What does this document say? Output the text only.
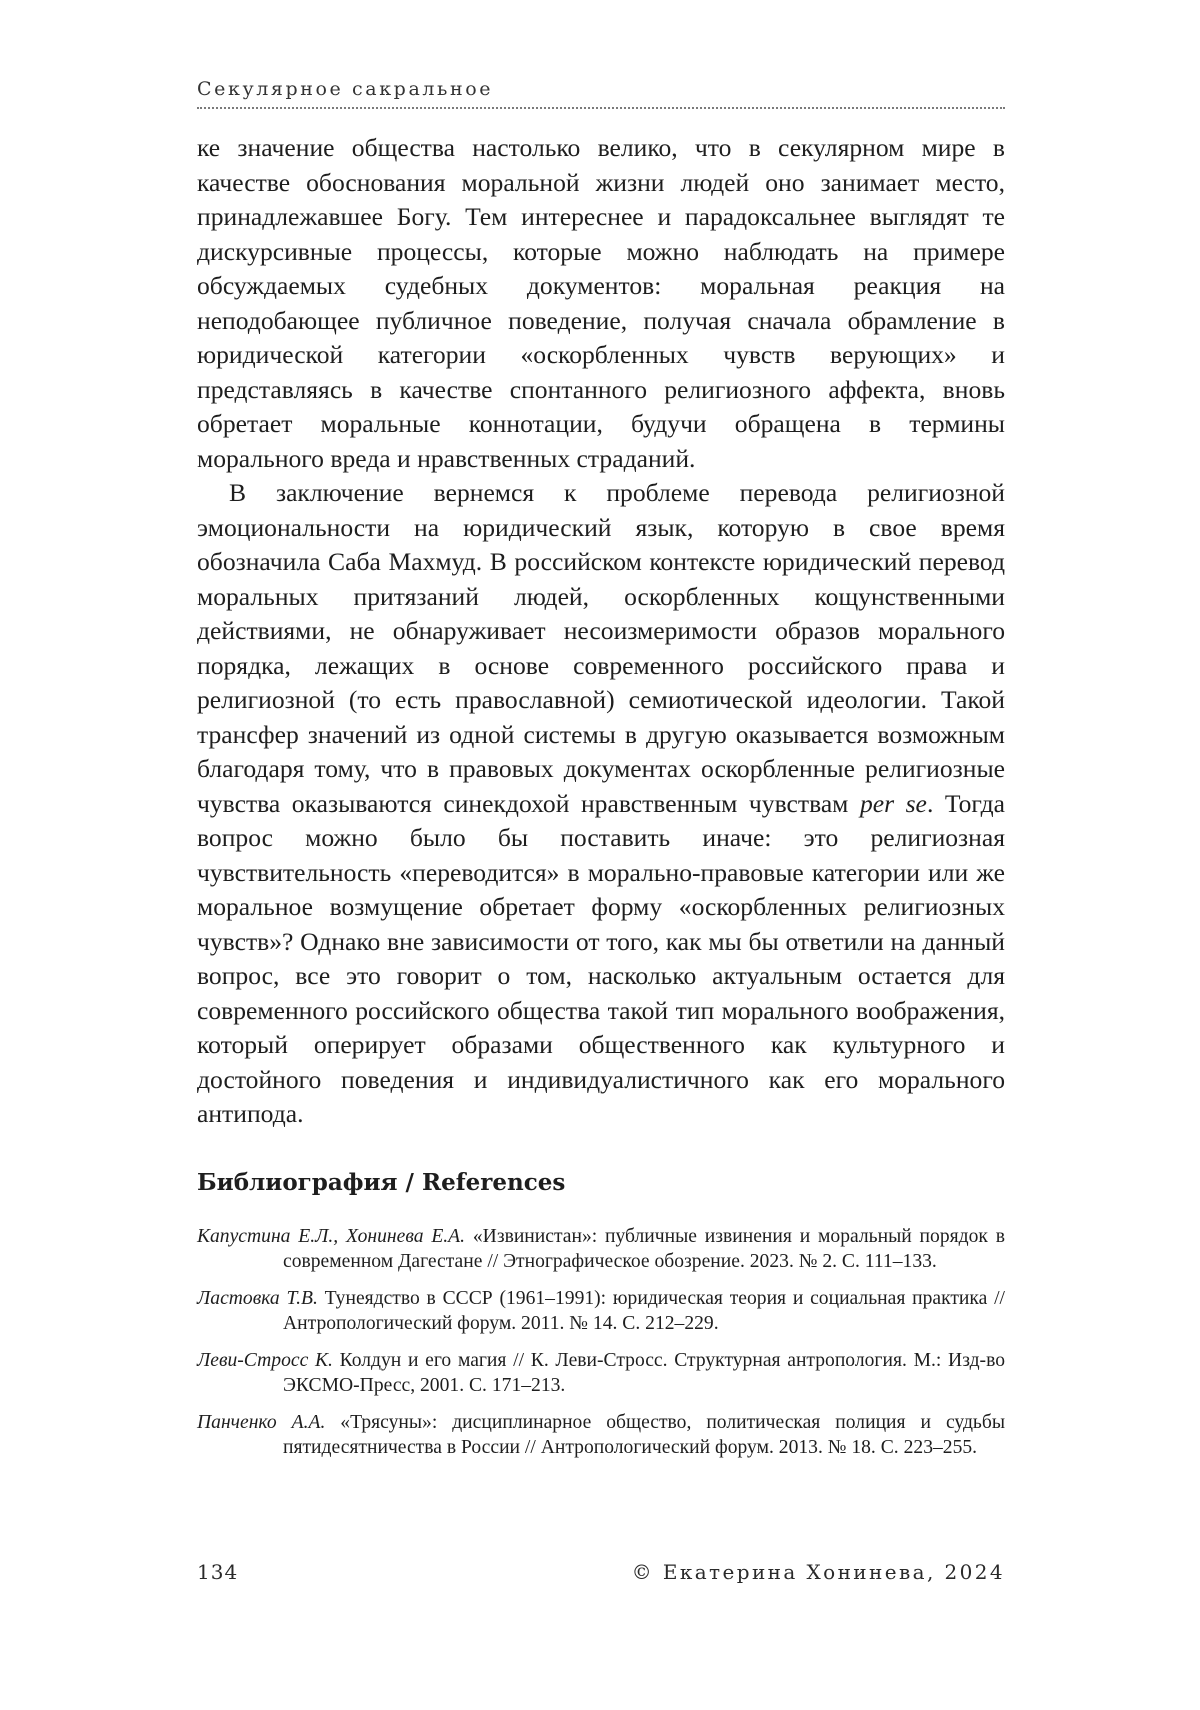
Секулярное сакральное

ке значение общества настолько велико, что в секулярном мире в качестве обоснования моральной жизни людей оно занимает место, принадлежавшее Богу. Тем интереснее и парадоксальнее выглядят те дискурсивные процессы, которые можно наблюдать на примере обсуждаемых судебных документов: моральная реакция на неподобающее публичное поведение, получая сначала обрамление в юридической категории «оскорбленных чувств верующих» и представляясь в качестве спонтанного религиозного аффекта, вновь обретает моральные коннотации, будучи обращена в термины морального вреда и нравственных страданий.

В заключение вернемся к проблеме перевода религиозной эмоциональности на юридический язык, которую в свое время обозначила Саба Махмуд. В российском контексте юридический перевод моральных притязаний людей, оскорбленных кощунственными действиями, не обнаруживает несоизмеримости образов морального порядка, лежащих в основе современного российского права и религиозной (то есть православной) семиотической идеологии. Такой трансфер значений из одной системы в другую оказывается возможным благодаря тому, что в правовых документах оскорбленные религиозные чувства оказываются синекдохой нравственным чувствам per se. Тогда вопрос можно было бы поставить иначе: это религиозная чувствительность «переводится» в морально-правовые категории или же моральное возмущение обретает форму «оскорбленных религиозных чувств»? Однако вне зависимости от того, как мы бы ответили на данный вопрос, все это говорит о том, насколько актуальным остается для современного российского общества такой тип морального воображения, который оперирует образами общественного как культурного и достойного поведения и индивидуалистичного как его морального антипода.

Библиография / References
Капустина Е.Л., Хонинева Е.А. «Извинистан»: публичные извинения и моральный порядок в современном Дагестане // Этнографическое обозрение. 2023. № 2. С. 111–133.
Ластовка Т.В. Тунеядство в СССР (1961–1991): юридическая теория и социальная практика // Антропологический форум. 2011. № 14. С. 212–229.
Леви-Стросс К. Колдун и его магия // К. Леви-Стросс. Структурная антропология. М.: Изд-во ЭКСМО-Пресс, 2001. С. 171–213.
Панченко А.А. «Трясуны»: дисциплинарное общество, политическая полиция и судьбы пятидесятничества в России // Антропологический форум. 2013. № 18. С. 223–255.
134	© Екатерина Хонинева, 2024
